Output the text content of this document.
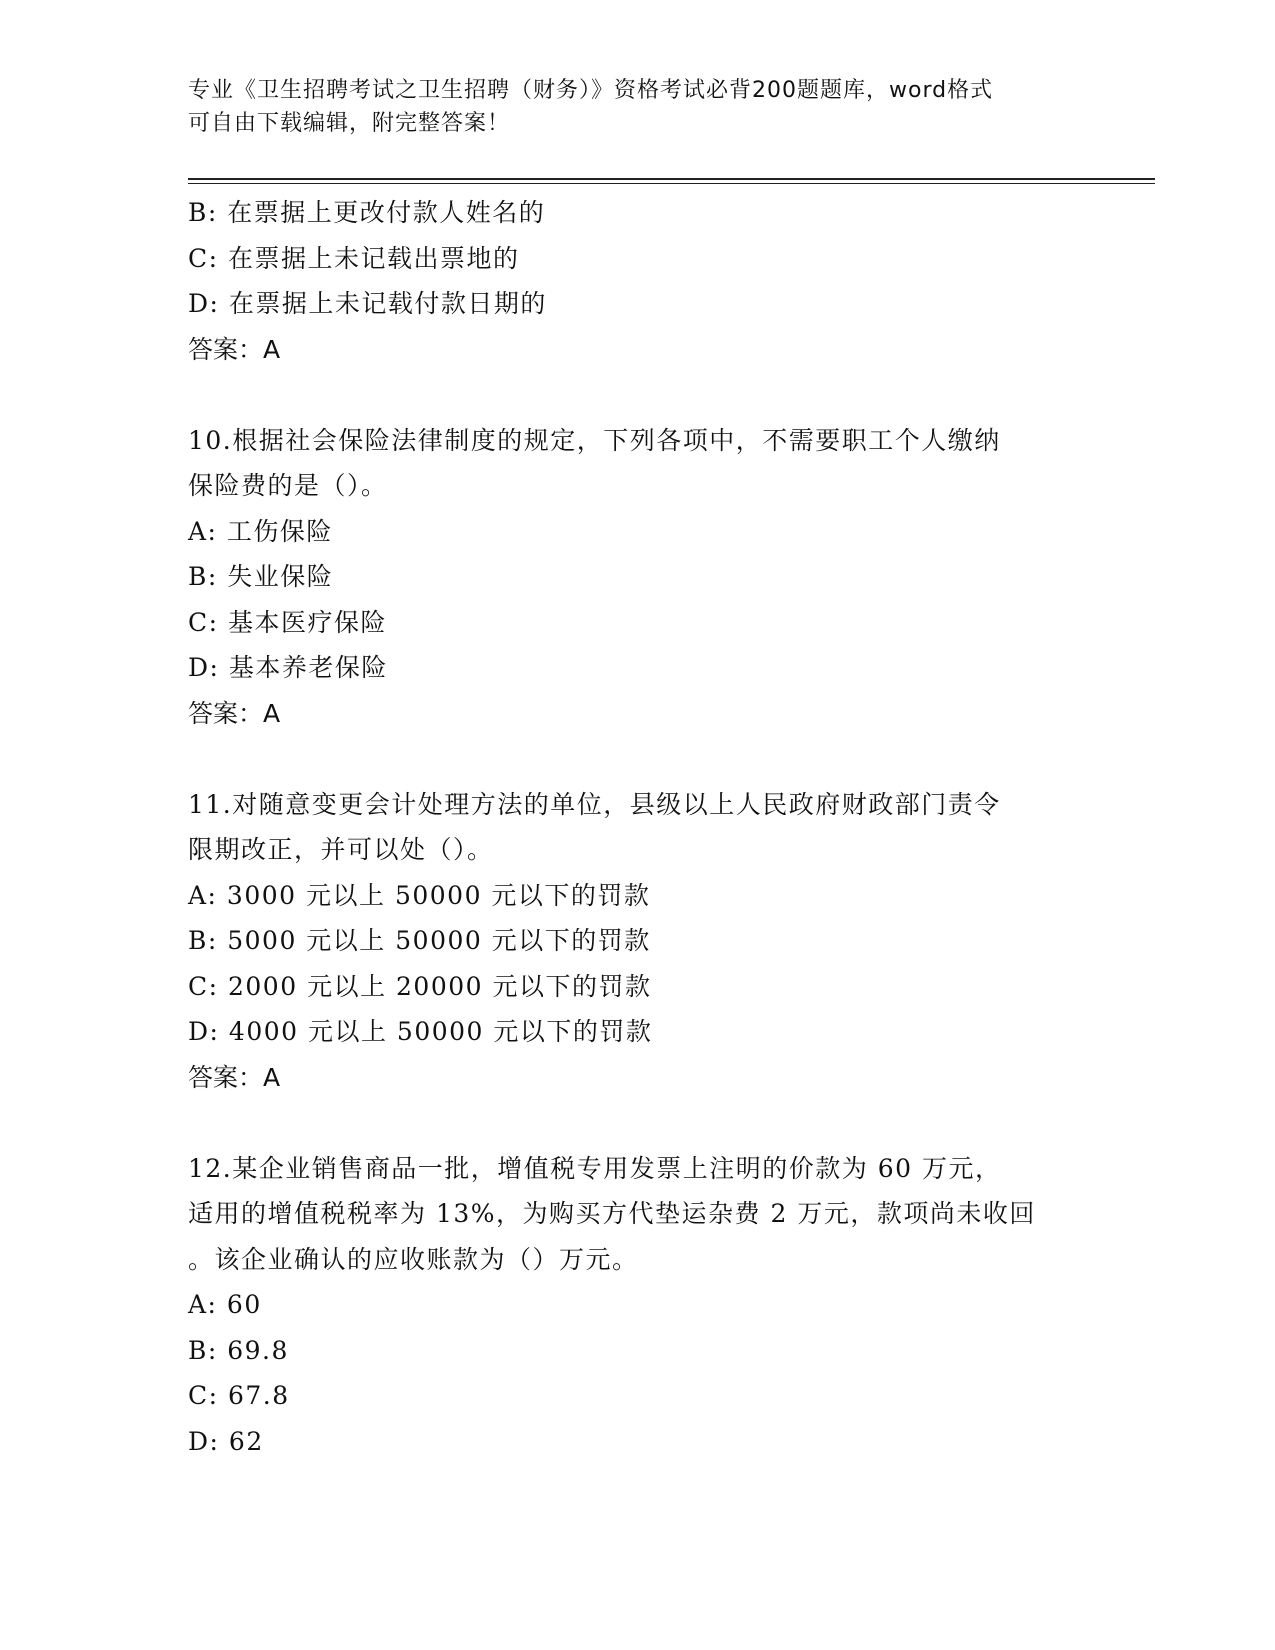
专业《卫生招聘考试之卫生招聘（财务）》资格考试必背200题题库，word格式
可自由下载编辑，附完整答案！
B: 在票据上更改付款人姓名的
C: 在票据上未记载出票地的
D: 在票据上未记载付款日期的
答案：A
10.根据社会保险法律制度的规定，下列各项中，不需要职工个人缴纳
保险费的是（）。
A: 工伤保险
B: 失业保险
C: 基本医疗保险
D: 基本养老保险
答案：A
11.对随意变更会计处理方法的单位，县级以上人民政府财政部门责令
限期改正，并可以处（）。
A: 3000 元以上 50000 元以下的罚款
B: 5000 元以上 50000 元以下的罚款
C: 2000 元以上 20000 元以下的罚款
D: 4000 元以上 50000 元以下的罚款
答案：A
12.某企业销售商品一批，增值税专用发票上注明的价款为 60 万元，
适用的增值税税率为 13%，为购买方代垫运杂费 2 万元，款项尚未收回
。该企业确认的应收账款为（）万元。
A: 60
B: 69.8
C: 67.8
D: 62
